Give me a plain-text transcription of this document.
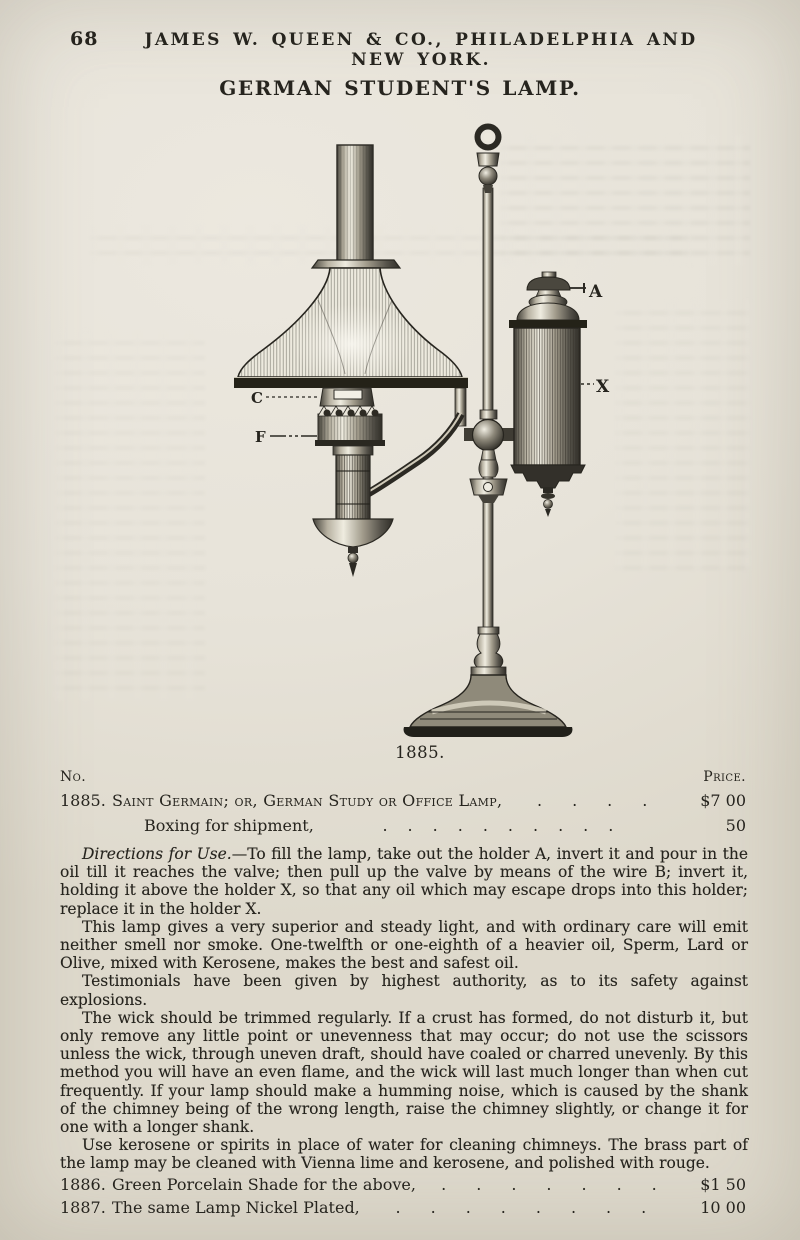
68	JAMES W. QUEEN & CO., PHILADELPHIA AND NEW YORK.
GERMAN STUDENT'S LAMP.
A
X
C
F
1885.
No.	Price.
1885. Saint Germain; or, German Study or Office Lamp,	.  .  .  .	$7 00
Boxing for shipment,	. . . . . . . . . .	50

Directions for Use.—To fill the lamp, take out the holder A, invert it and pour in the oil till it reaches the valve; then pull up the valve by means of the wire B; invert it, holding it above the holder X, so that any oil which may escape drops into this holder; replace it in the holder X.

This lamp gives a very superior and steady light, and with ordinary care will emit neither smell nor smoke. One-twelfth or one-eighth of a heavier oil, Sperm, Lard or Olive, mixed with Kerosene, makes the best and safest oil.

Testimonials have been given by highest authority, as to its safety against explosions.

The wick should be trimmed regularly. If a crust has formed, do not disturb it, but only remove any little point or unevenness that may occur; do not use the scissors unless the wick, through uneven draft, should have coaled or charred unevenly. By this method you will have an even flame, and the wick will last much longer than when cut frequently. If your lamp should make a humming noise, which is caused by the shank of the chimney being of the wrong length, raise the chimney slightly, or change it for one with a longer shank.

Use kerosene or spirits in place of water for cleaning chimneys. The brass part of the lamp may be cleaned with Vienna lime and kerosene, and polished with rouge.

1886. Green Porcelain Shade for the above,	.  .  .  .  .  .  .	$1 50
1887. The same Lamp Nickel Plated,	.  .  .  .  .  .  .  .	10 00
